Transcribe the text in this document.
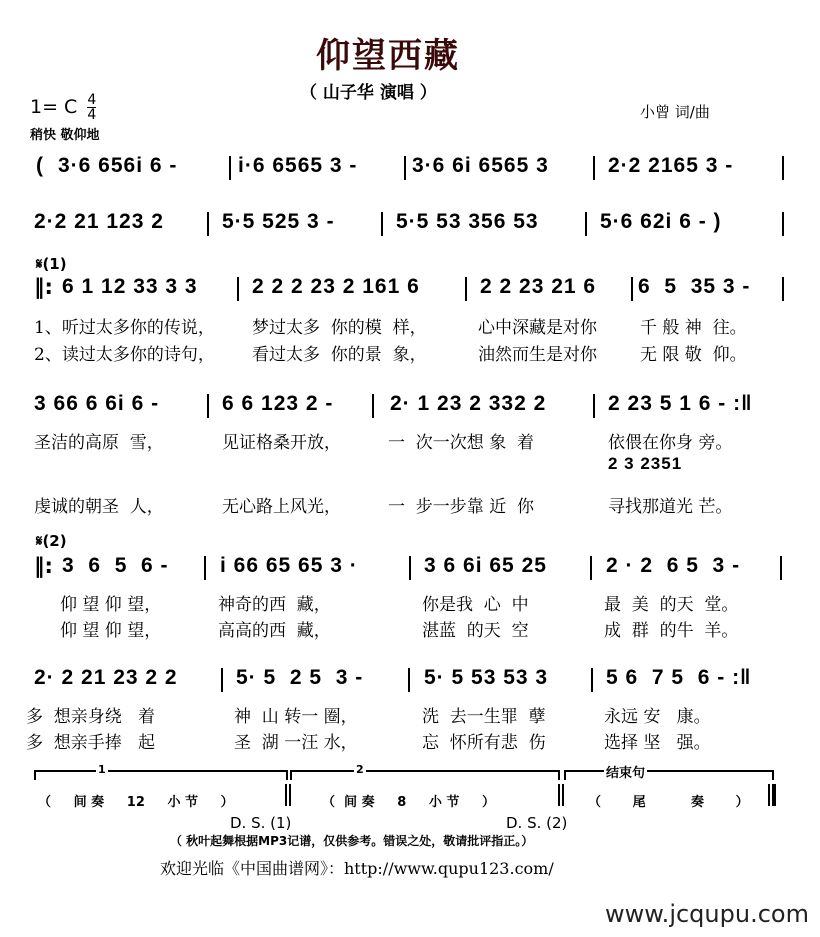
仰望西藏
（ 山子华 演唱 ）
1= C $\frac{4}{4}$
稍快 敬仰地
小曾 词/曲
( 3·6 656i 6 -	i·6 6565 3 -	3·6 6i 6565 3	2·2 2165 3 -
2·2 21 123 2	5·5 525 3 -	5·5 53 356 53	5·6 62i 6 - )
𝄋(1)
‖: 6 1 12 33 3 3	2 2 2 23 2 161 6	2 2 23 21 6 6  5  35 3 -
1、听过太多你的传说， 梦过太多  你的模  样，	心中深藏是对你	千 般 神  往。
2、读过太多你的诗句， 看过太多  你的景  象，	油然而生是对你	无 限 敬  仰。
3 66 6 6i 6 -	6 6 123 2 -	2· 1 23 2 332 2	2 23 5 1 6 - :‖
圣洁的高原  雪，	见证格桑开放，	一  次一次想 象  着	依偎在你身 旁。
2 3 2351
虔诚的朝圣  人，	无心路上风光，	一  步一步靠 近  你	寻找那道光 芒。
𝄋(2)
‖: 3  6  5  6 - i 66 65 65 3 ·	3 6 6i 65 25	2 · 2  6 5  3 -
仰 望 仰 望，	神奇的西  藏，	你是我  心  中	最  美  的天  堂。
仰 望 仰 望，	高高的西  藏，	湛蓝  的天  空	成  群  的牛  羊。
2· 2 21 23 2 2	5· 5  2 5  3 -	5· 5 53 53 3	5 6  7 5  6 - :‖
多  想亲身绕   着	神  山 转一 圈，	洗  去一生罪  孽	永远 安   康。
多  想亲手捧   起	圣  湖 一汪 水，	忘  怀所有悲  伤	选择 坚   强。
1	2	结束句
（     间 奏     12     小 节     ）	（  间 奏     8     小 节     ）	（       尾          奏       ）
D. S. (1)	D. S. (2)
（ 秋叶起舞根据MP3记谱，仅供参考。错误之处，敬请批评指正。）
欢迎光临《中国曲谱网》：http://www.qupu123.com/
www.jcqupu.com
